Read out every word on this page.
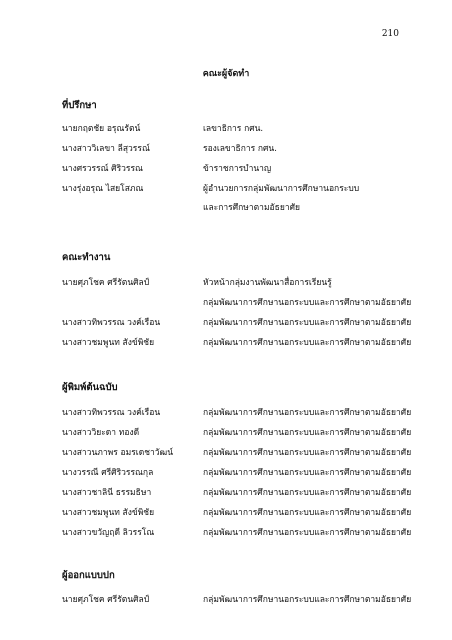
210
คณะผู้จัดทำ
ที่ปรึกษา
นายกฤตชัย อรุณรัตน์	เลขาธิการ กศน.
นางสาววิเลขา ลีสุวรรณ์	รองเลขาธิการ กศน.
นางศรวรรณ์ ศิริวรรณ	ข้าราชการบำนาญ
นางรุ่งอรุณ ไสยโสภณ	ผู้อำนวยการกลุ่มพัฒนาการศึกษานอกระบบ
และการศึกษาตามอัธยาศัย
คณะทำงาน
นายศุภโชค ศรีรัตนศิลป์	หัวหน้ากลุ่มงานพัฒนาสื่อการเรียนรู้
กลุ่มพัฒนาการศึกษานอกระบบและการศึกษาตามอัธยาศัย
นางสาวทิพวรรณ วงค์เรือน	กลุ่มพัฒนาการศึกษานอกระบบและการศึกษาตามอัธยาศัย
นางสาวชมพูนท สังข์พิชัย	กลุ่มพัฒนาการศึกษานอกระบบและการศึกษาตามอัธยาศัย
ผู้พิมพ์ต้นฉบับ
นางสาวทิพวรรณ วงค์เรือน	กลุ่มพัฒนาการศึกษานอกระบบและการศึกษาตามอัธยาศัย
นางสาววิยะดา ทองดี	กลุ่มพัฒนาการศึกษานอกระบบและการศึกษาตามอัธยาศัย
นางสาวนภาพร อมรเดชาวัฒน์	กลุ่มพัฒนาการศึกษานอกระบบและการศึกษาตามอัธยาศัย
นางวรรณี ศรีศิริวรรณกุล	กลุ่มพัฒนาการศึกษานอกระบบและการศึกษาตามอัธยาศัย
นางสาวชาลินี ธรรมธิษา	กลุ่มพัฒนาการศึกษานอกระบบและการศึกษาตามอัธยาศัย
นางสาวชมพูนท สังข์พิชัย	กลุ่มพัฒนาการศึกษานอกระบบและการศึกษาตามอัธยาศัย
นางสาวขวัญฤดี ลิวรรโณ	กลุ่มพัฒนาการศึกษานอกระบบและการศึกษาตามอัธยาศัย
ผู้ออกแบบปก
นายศุภโชค ศรีรัตนศิลป์	กลุ่มพัฒนาการศึกษานอกระบบและการศึกษาตามอัธยาศัย
